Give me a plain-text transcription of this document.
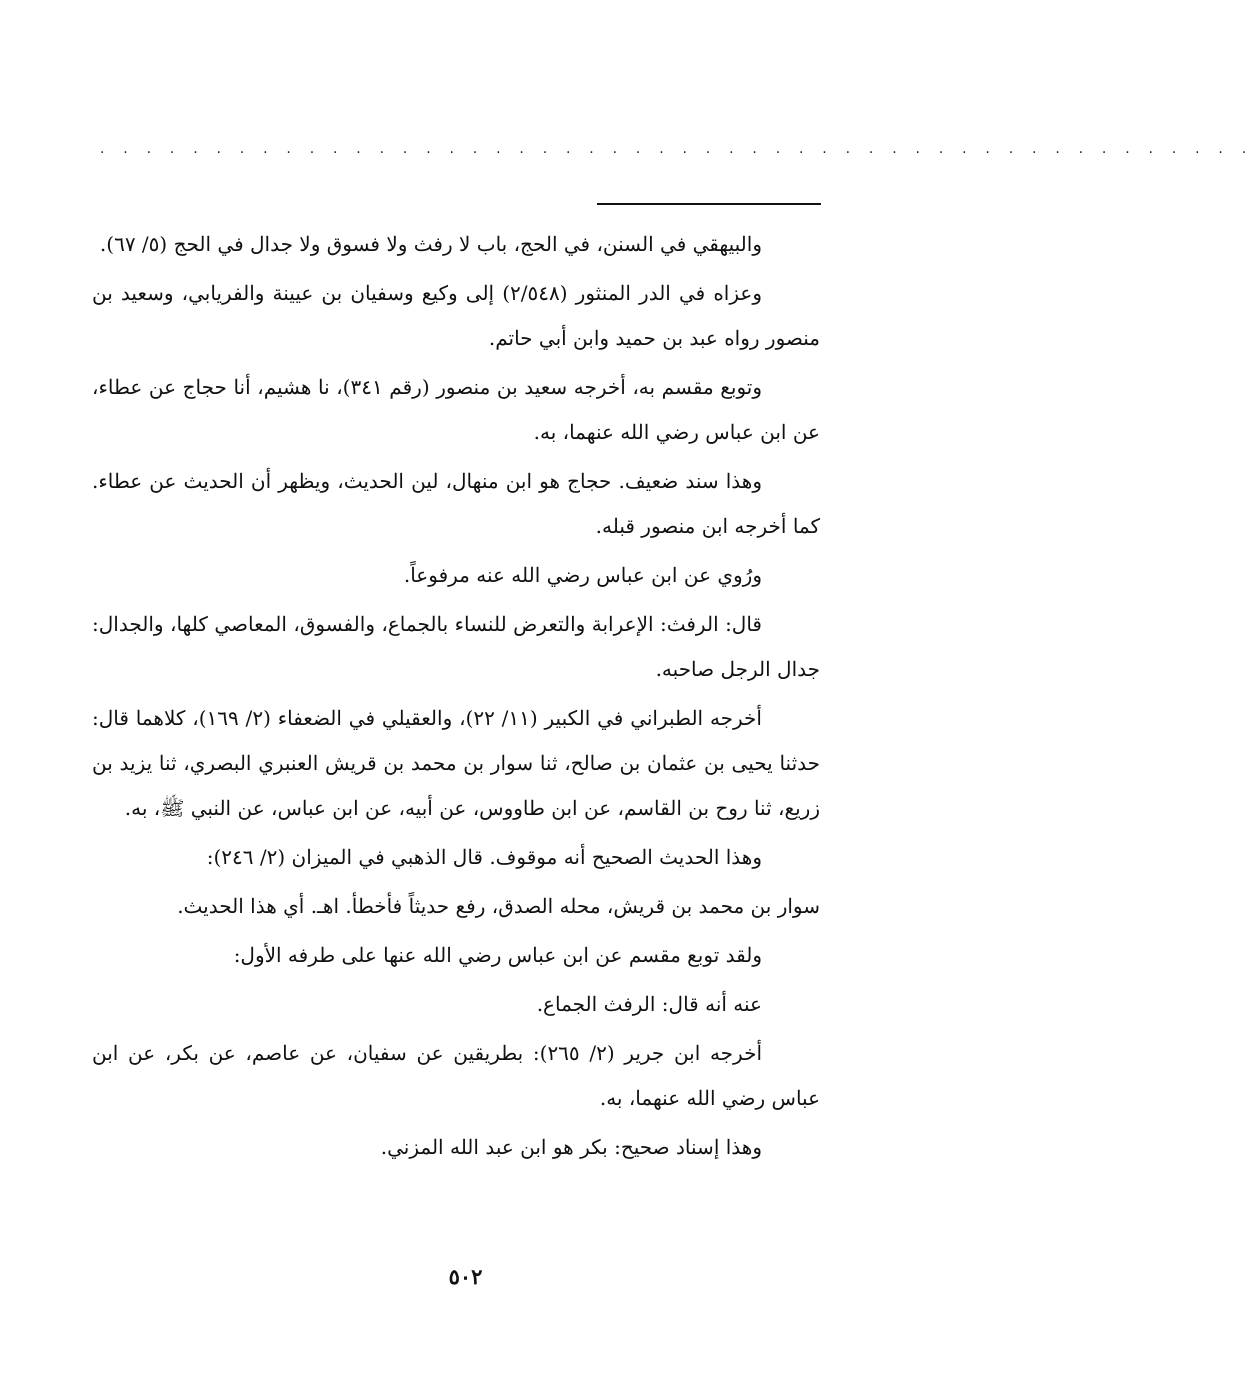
. . . . . . . . . . . . . . . . . . . . . . . . . . . . . . . . . . . . . . . . . . . . . . . . . .

والبيهقي في السنن، في الحج، باب لا رفث ولا فسوق ولا جدال في الحج (٥/ ٦٧).

وعزاه في الدر المنثور (٢/٥٤٨) إلى وكيع وسفيان بن عيينة والفريابي، وسعيد بن منصور رواه عبد بن حميد وابن أبي حاتم.

وتوبع مقسم به، أخرجه سعيد بن منصور (رقم ٣٤١)، نا هشيم، أنا حجاج عن عطاء، عن ابن عباس رضي الله عنهما، به.

وهذا سند ضعيف. حجاج هو ابن منهال، لين الحديث، ويظهر أن الحديث عن عطاء. كما أخرجه ابن منصور قبله.

ورُوي عن ابن عباس رضي الله عنه مرفوعاً.

قال: الرفث: الإعرابة والتعرض للنساء بالجماع، والفسوق، المعاصي كلها، والجدال: جدال الرجل صاحبه.

أخرجه الطبراني في الكبير (١١/ ٢٢)، والعقيلي في الضعفاء (٢/ ١٦٩)، كلاهما قال: حدثنا يحيى بن عثمان بن صالح، ثنا سوار بن محمد بن قريش العنبري البصري، ثنا يزيد بن زريع، ثنا روح بن القاسم، عن ابن طاووس، عن أبيه، عن ابن عباس، عن النبي ﷺ، به.

وهذا الحديث الصحيح أنه موقوف. قال الذهبي في الميزان (٢/ ٢٤٦):

سوار بن محمد بن قريش، محله الصدق، رفع حديثاً فأخطأ. اهـ. أي هذا الحديث.

ولقد توبع مقسم عن ابن عباس رضي الله عنها على طرفه الأول:

عنه أنه قال: الرفث الجماع.

أخرجه ابن جرير (٢/ ٢٦٥): بطريقين عن سفيان، عن عاصم، عن بكر، عن ابن عباس رضي الله عنهما، به.

وهذا إسناد صحيح: بكر هو ابن عبد الله المزني.

٥٠٢
